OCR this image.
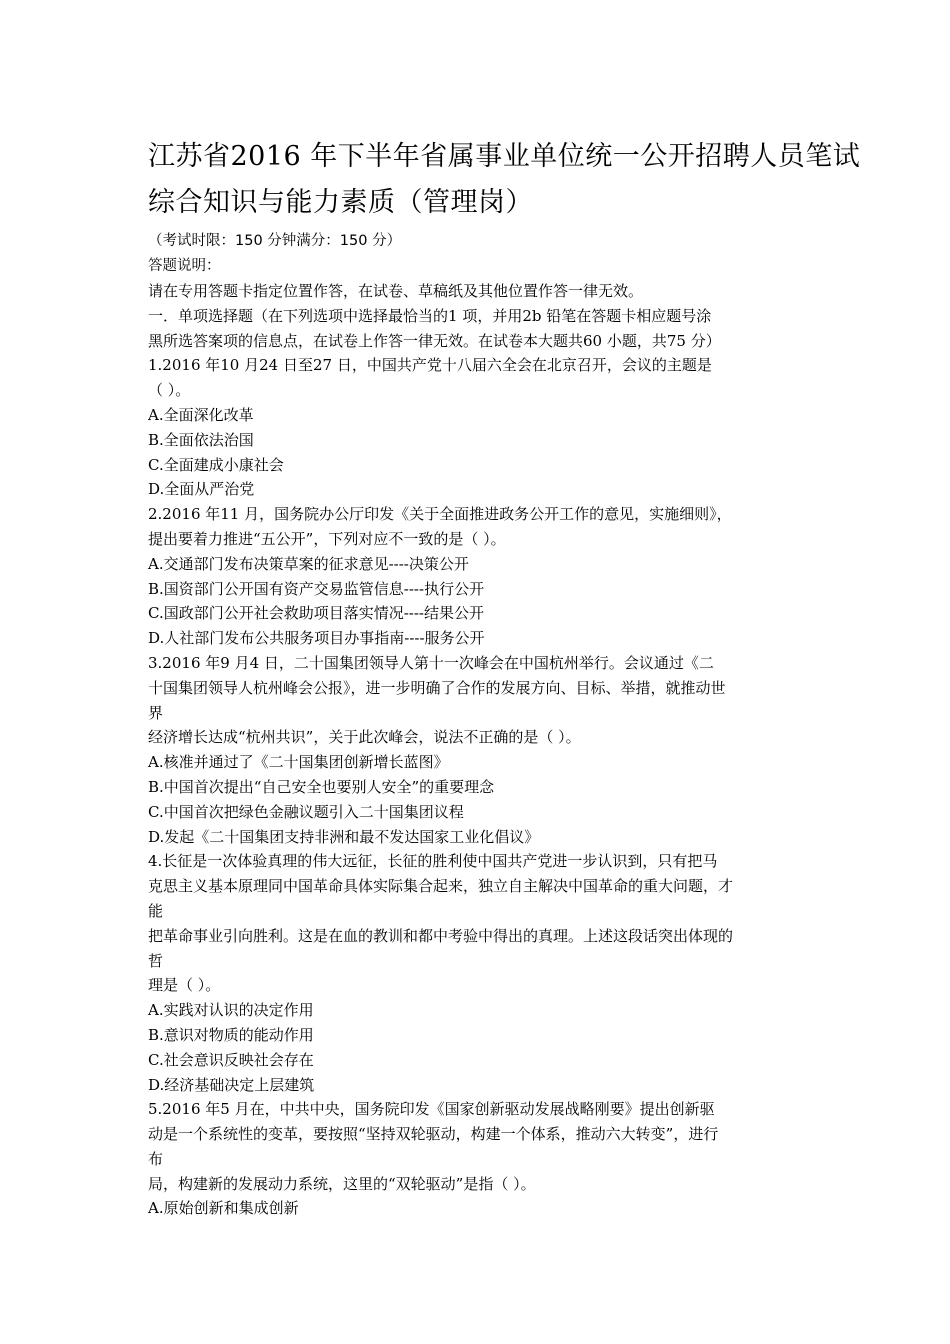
江苏省2016 年下半年省属事业单位统一公开招聘人员笔试
综合知识与能力素质（管理岗）
（考试时限：150 分钟满分：150 分）
答题说明：
请在专用答题卡指定位置作答，在试卷、草稿纸及其他位置作答一律无效。
一．单项选择题（在下列选项中选择最恰当的1 项，并用2b 铅笔在答题卡相应题号涂
黑所选答案项的信息点，在试卷上作答一律无效。在试卷本大题共60 小题，共75 分）
1.2016 年10 月24 日至27 日，中国共产党十八届六全会在北京召开，会议的主题是
（ ）。
A.全面深化改革
B.全面依法治国
C.全面建成小康社会
D.全面从严治党
2.2016 年11 月，国务院办公厅印发《关于全面推进政务公开工作的意见，实施细则》，
提出要着力推进“五公开”，下列对应不一致的是（ ）。
A.交通部门发布决策草案的征求意见----决策公开
B.国资部门公开国有资产交易监管信息----执行公开
C.国政部门公开社会救助项目落实情况----结果公开
D.人社部门发布公共服务项目办事指南----服务公开
3.2016 年9 月4 日，二十国集团领导人第十一次峰会在中国杭州举行。会议通过《二
十国集团领导人杭州峰会公报》，进一步明确了合作的发展方向、目标、举措，就推动世
界
经济增长达成“杭州共识”，关于此次峰会，说法不正确的是（ ）。
A.核准并通过了《二十国集团创新增长蓝图》
B.中国首次提出“自己安全也要别人安全”的重要理念
C.中国首次把绿色金融议题引入二十国集团议程
D.发起《二十国集团支持非洲和最不发达国家工业化倡议》
4.长征是一次体验真理的伟大远征，长征的胜利使中国共产党进一步认识到，只有把马
克思主义基本原理同中国革命具体实际集合起来，独立自主解决中国革命的重大问题，才
能
把革命事业引向胜利。这是在血的教训和都中考验中得出的真理。上述这段话突出体现的
哲
理是（ ）。
A.实践对认识的决定作用
B.意识对物质的能动作用
C.社会意识反映社会存在
D.经济基础决定上层建筑
5.2016 年5 月在，中共中央，国务院印发《国家创新驱动发展战略刚要》提出创新驱
动是一个系统性的变革，要按照“坚持双轮驱动，构建一个体系，推动六大转变”，进行
布
局，构建新的发展动力系统，这里的“双轮驱动”是指（ ）。
A.原始创新和集成创新
